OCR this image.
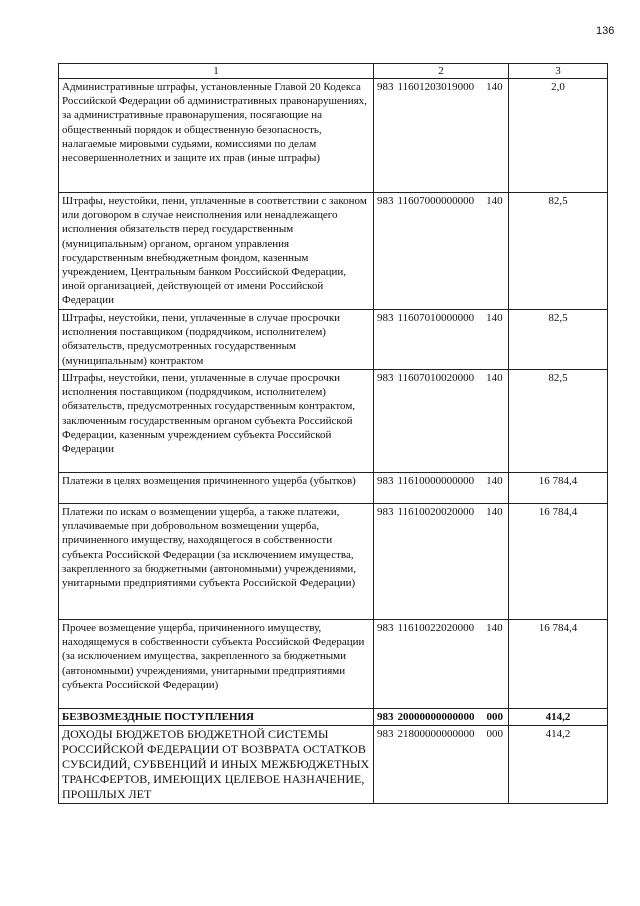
136
1	2	3
Административные штрафы, установленные Главой 20 Кодекса Российской Федерации об административных правонарушениях, за административные правонарушения, посягающие на общественный порядок и общественную безопасность, налагаемые мировыми судьями, комиссиями по делам несовершеннолетних и защите их прав (иные штрафы)	983 11601203019000 140	2,0
Штрафы, неустойки, пени, уплаченные в соответствии с законом или договором в случае неисполнения или ненадлежащего исполнения обязательств перед государственным (муниципальным) органом, органом управления государственным внебюджетным фондом, казенным учреждением, Центральным банком Российской Федерации, иной организацией, действующей от имени Российской Федерации	983 11607000000000 140	82,5
Штрафы, неустойки, пени, уплаченные в случае просрочки исполнения поставщиком (подрядчиком, исполнителем) обязательств, предусмотренных государственным (муниципальным) контрактом	983 11607010000000 140	82,5
Штрафы, неустойки, пени, уплаченные в случае просрочки исполнения поставщиком (подрядчиком, исполнителем) обязательств, предусмотренных государственным контрактом, заключенным государственным органом субъекта Российской Федерации, казенным учреждением субъекта Российской Федерации	983 11607010020000 140	82,5
Платежи в целях возмещения причиненного ущерба (убытков)	983 11610000000000 140	16 784,4
Платежи по искам о возмещении ущерба, а также платежи, уплачиваемые при добровольном возмещении ущерба, причиненного имуществу, находящегося в собственности субъекта Российской Федерации (за исключением имущества, закрепленного за бюджетными (автономными) учреждениями, унитарными предприятиями субъекта Российской Федерации)	983 11610020020000 140	16 784,4
Прочее возмещение ущерба, причиненного имуществу, находящемуся в собственности субъекта Российской Федерации (за исключением имущества, закрепленного за бюджетными (автономными) учреждениями, унитарными предприятиями субъекта Российской Федерации)	983 11610022020000 140	16 784,4
БЕЗВОЗМЕЗДНЫЕ ПОСТУПЛЕНИЯ	983 20000000000000 000	414,2
ДОХОДЫ БЮДЖЕТОВ БЮДЖЕТНОЙ СИСТЕМЫ РОССИЙСКОЙ ФЕДЕРАЦИИ ОТ ВОЗВРАТА ОСТАТКОВ СУБСИДИЙ, СУБВЕНЦИЙ И ИНЫХ МЕЖБЮДЖЕТНЫХ ТРАНСФЕРТОВ, ИМЕЮЩИХ ЦЕЛЕВОЕ НАЗНАЧЕНИЕ, ПРОШЛЫХ ЛЕТ	983 21800000000000 000	414,2
